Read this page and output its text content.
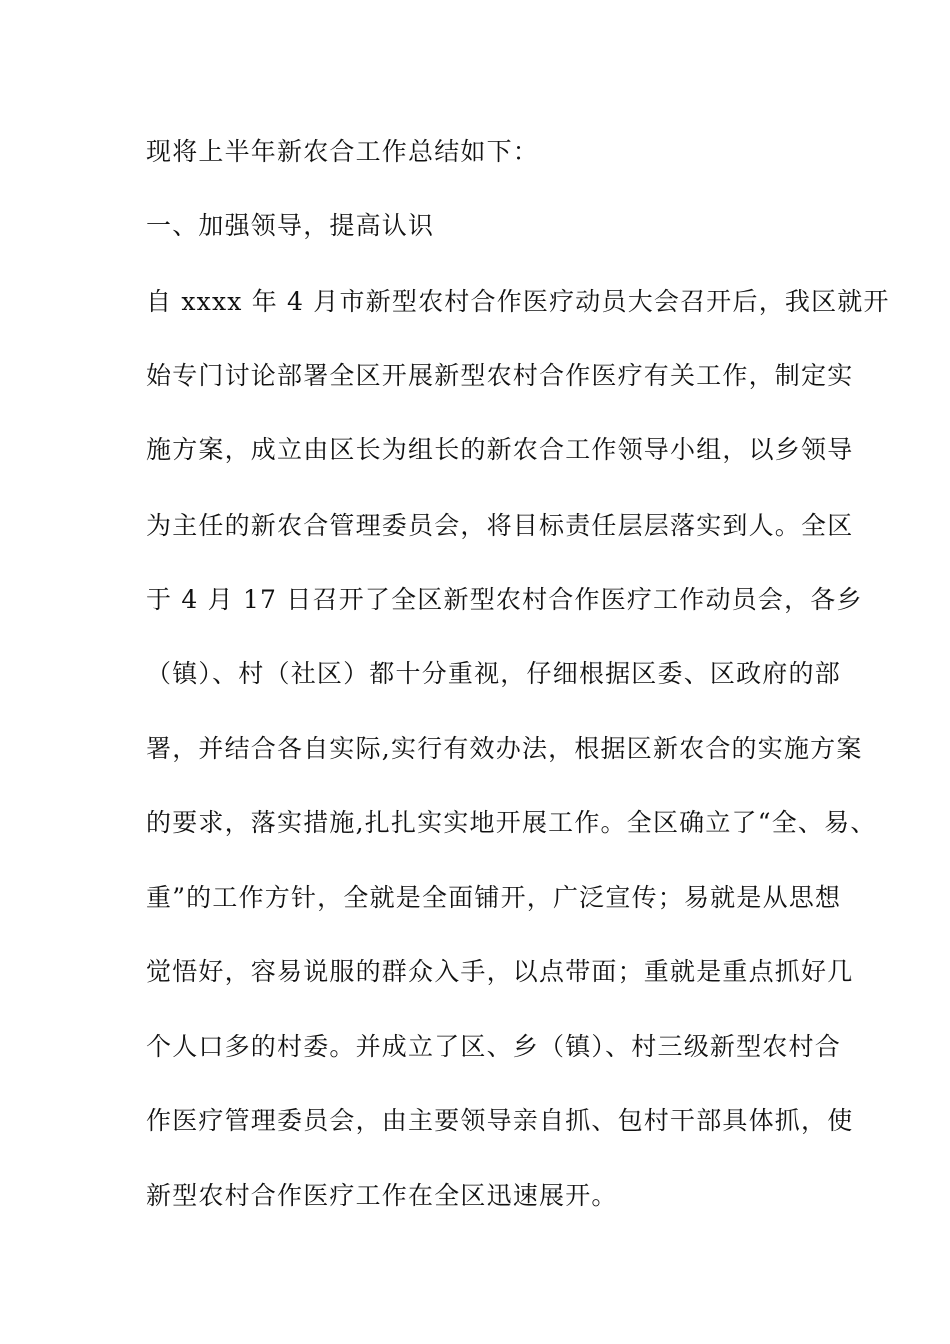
现将上半年新农合工作总结如下：
一、加强领导，提高认识
自 xxxx 年 4 月市新型农村合作医疗动员大会召开后，我区就开
始专门讨论部署全区开展新型农村合作医疗有关工作，制定实
施方案，成立由区长为组长的新农合工作领导小组，以乡领导
为主任的新农合管理委员会，将目标责任层层落实到人。全区
于 4 月 17 日召开了全区新型农村合作医疗工作动员会，各乡
（镇）、村（社区）都十分重视，仔细根据区委、区政府的部
署，并结合各自实际,实行有效办法，根据区新农合的实施方案
的要求，落实措施,扎扎实实地开展工作。全区确立了“全、易、
重”的工作方针，全就是全面铺开，广泛宣传；易就是从思想
觉悟好，容易说服的群众入手，以点带面；重就是重点抓好几
个人口多的村委。并成立了区、乡（镇）、村三级新型农村合
作医疗管理委员会，由主要领导亲自抓、包村干部具体抓，使
新型农村合作医疗工作在全区迅速展开。
